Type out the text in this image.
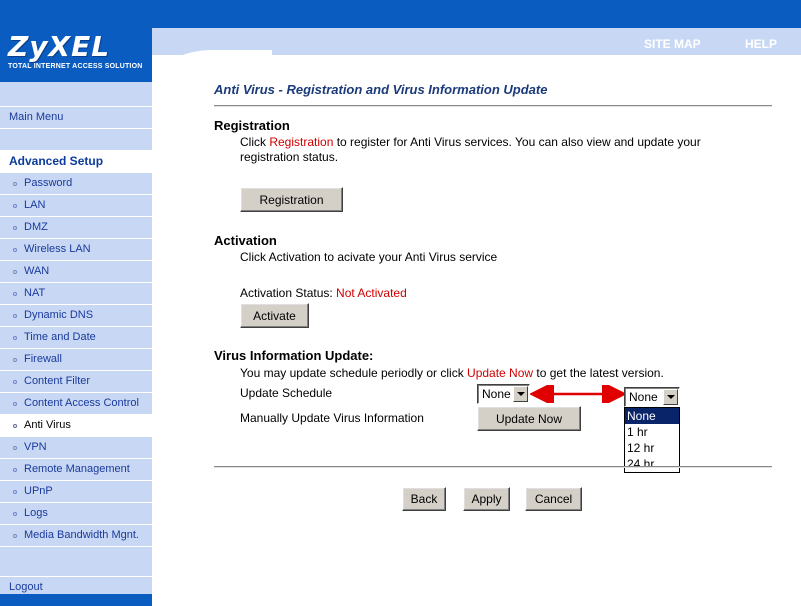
ZyXEL
TOTAL INTERNET ACCESS SOLUTION
SITE MAP	HELP
Main Menu
Advanced Setup
Password
LAN
DMZ
Wireless LAN
WAN
NAT
Dynamic DNS
Time and Date
Firewall
Content Filter
Content Access Control
Anti Virus
VPN
Remote Management
UPnP
Logs
Media Bandwidth Mgnt.
Logout
Anti Virus - Registration and Virus Information Update
Registration
Click Registration to register for Anti Virus services. You can also view and update your registration status.
Registration
Activation
Click Activation to acivate your Anti Virus service
Activation Status: Not Activated
Activate
Virus Information Update:
You may update schedule periodly or click Update Now to get the latest version.
Update Schedule	None	None
None
1 hr
12 hr
24 hr
Manually Update Virus Information	Update Now
Back	Apply	Cancel
